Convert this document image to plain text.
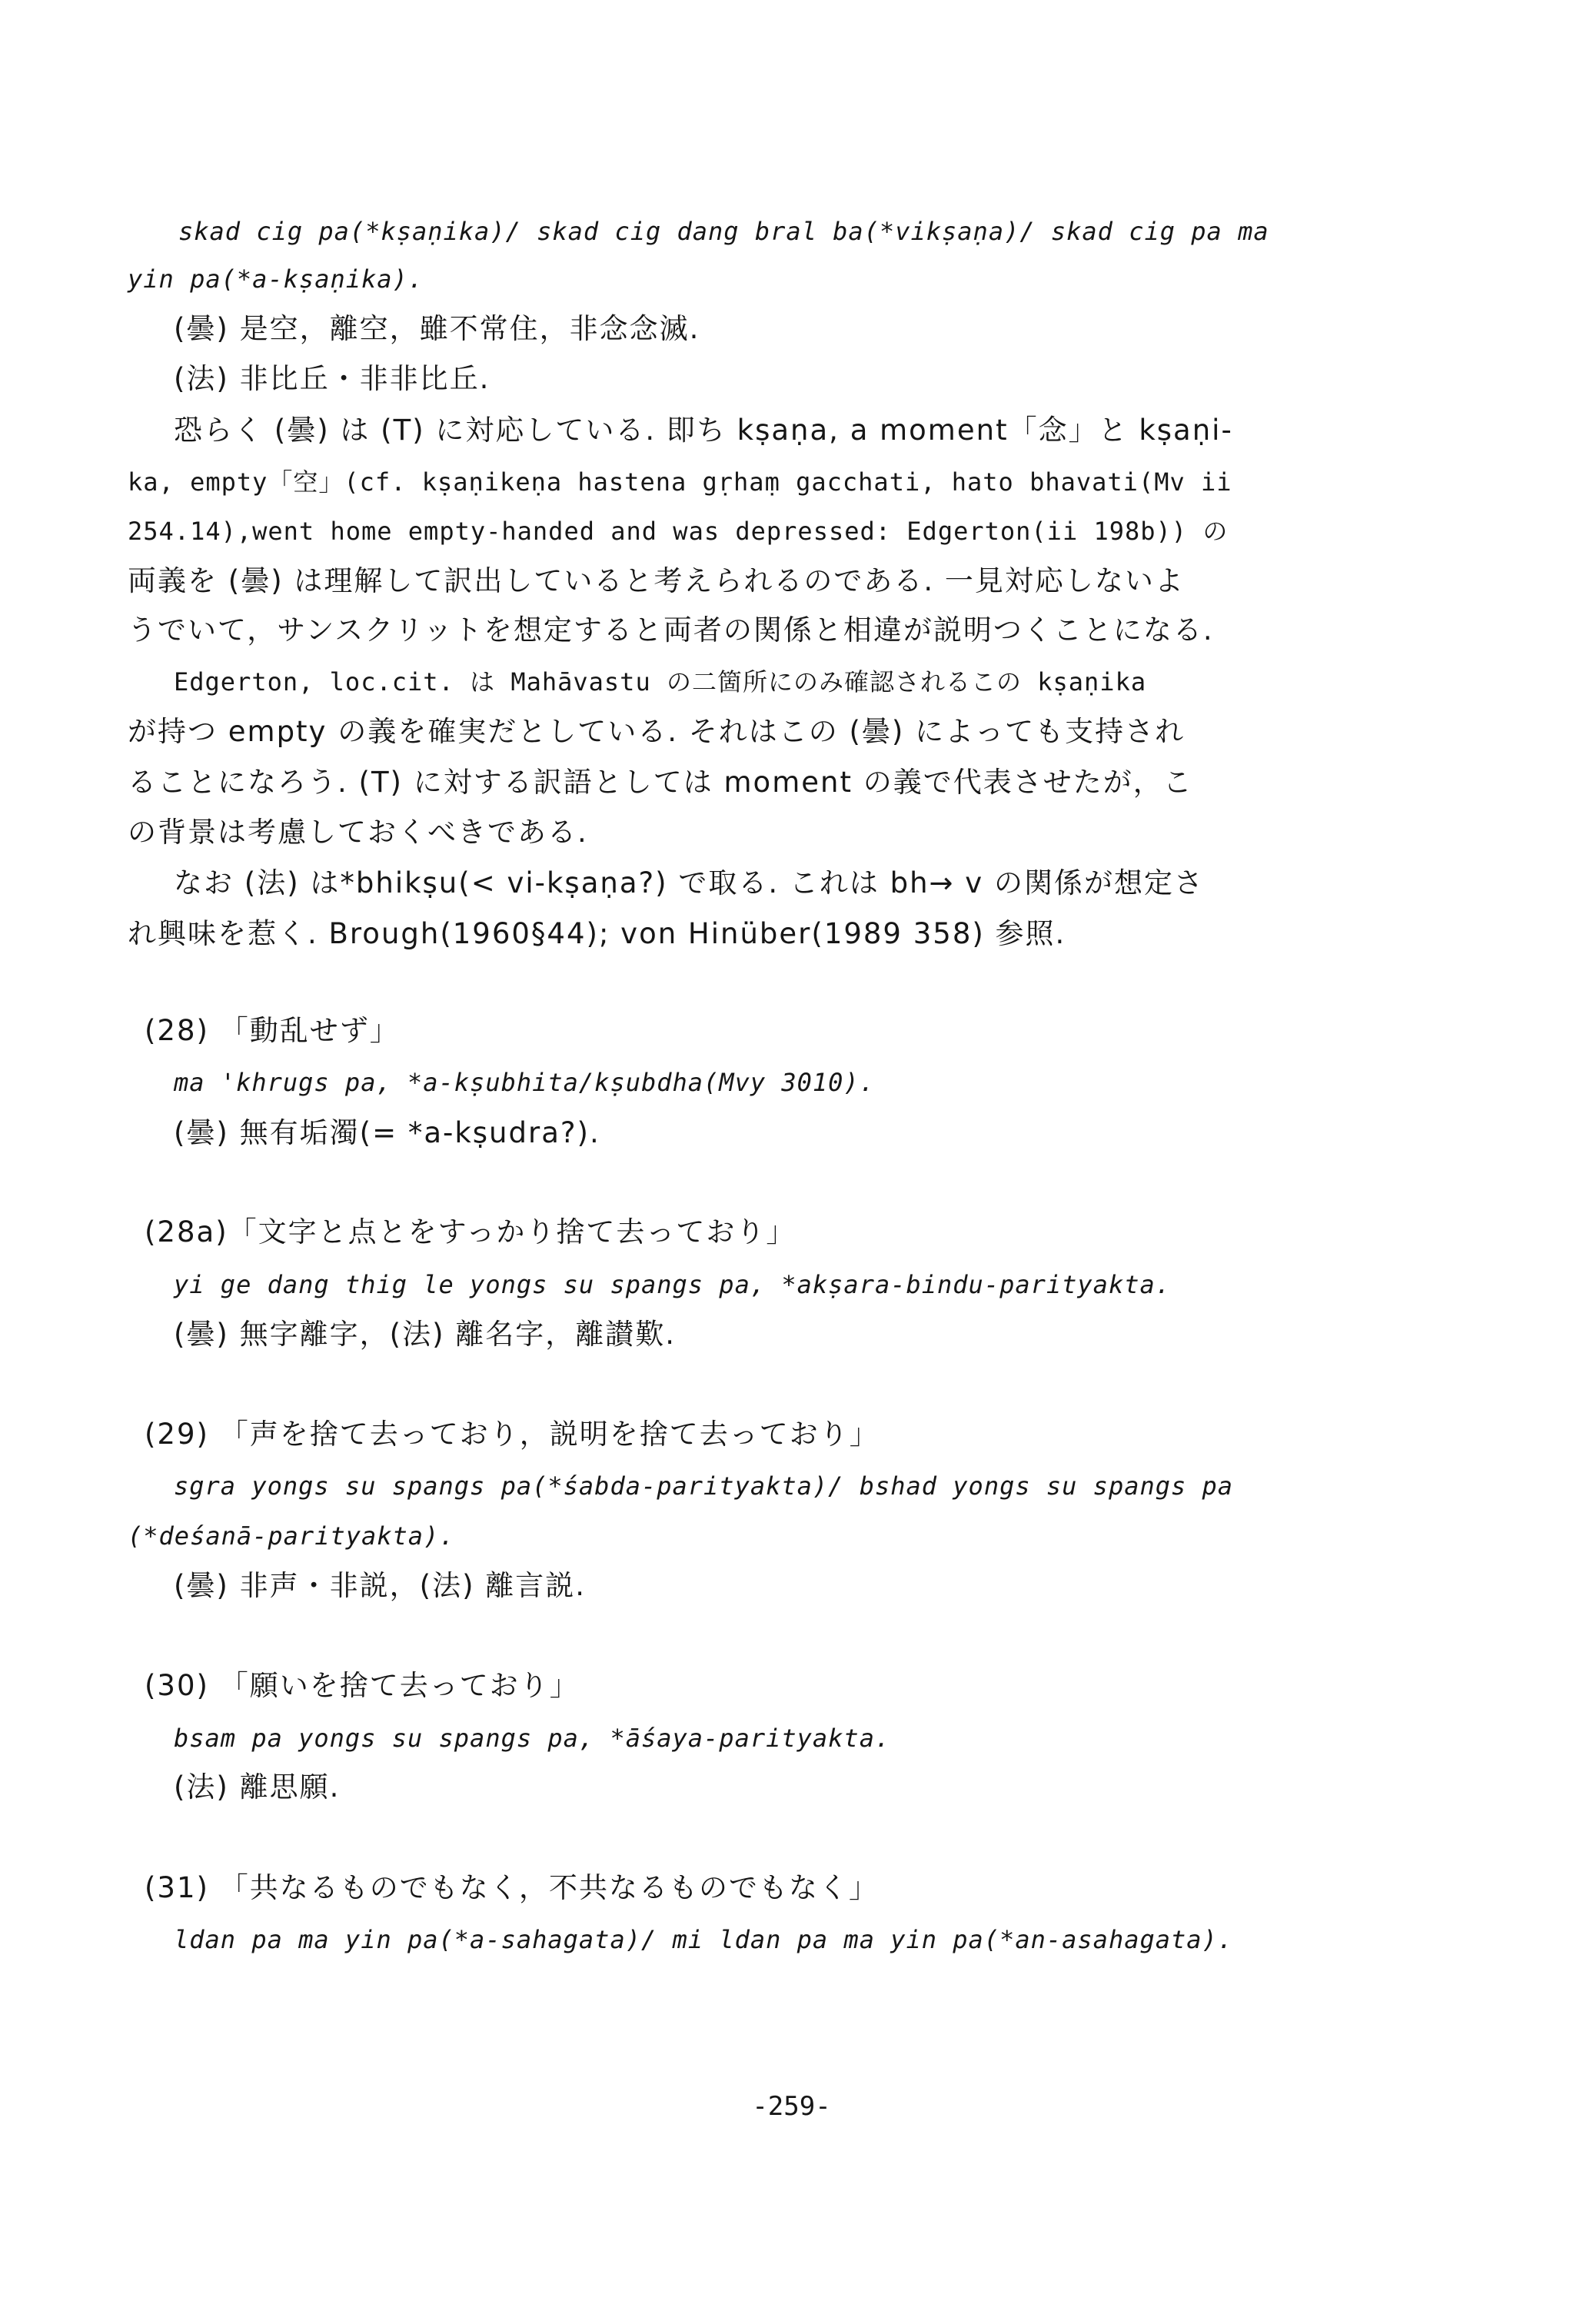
skad cig pa(*kṣaṇika)/ skad cig dang bral ba(*vikṣaṇa)/ skad cig pa ma
yin pa(*a-kṣaṇika).
(曇) 是空，離空，雖不常住，非念念滅.
(法) 非比丘・非非比丘.
恐らく (曇) は (T) に対応している. 即ち kṣaṇa, a moment「念」と kṣaṇi-
ka, empty「空」(cf. kṣaṇikeṇa hastena gṛhaṃ gacchati, hato bhavati(Mv ii
254.14),went home empty-handed and was depressed: Edgerton(ii 198b)) の
両義を (曇) は理解して訳出していると考えられるのである. 一見対応しないよ
うでいて，サンスクリットを想定すると両者の関係と相違が説明つくことになる.
Edgerton, loc.cit. は Mahāvastu の二箇所にのみ確認されるこの kṣaṇika
が持つ empty の義を確実だとしている. それはこの (曇) によっても支持され
ることになろう. (T) に対する訳語としては moment の義で代表させたが，こ
の背景は考慮しておくべきである.
なお (法) は*bhikṣu(< vi-kṣaṇa?) で取る. これは bh→ v の関係が想定さ
れ興味を惹く. Brough(1960§44); von Hinüber(1989 358) 参照.
(28) 「動乱せず」
ma 'khrugs pa, *a-kṣubhita/kṣubdha(Mvy 3010).
(曇) 無有垢濁(= *a-kṣudra?).
(28a)「文字と点とをすっかり捨て去っており」
yi ge dang thig le yongs su spangs pa, *akṣara-bindu-parityakta.
(曇) 無字離字，(法) 離名字，離讃歎.
(29) 「声を捨て去っており，説明を捨て去っており」
sgra yongs su spangs pa(*śabda-parityakta)/ bshad yongs su spangs pa
(*deśanā-parityakta).
(曇) 非声・非説，(法) 離言説.
(30) 「願いを捨て去っており」
bsam pa yongs su spangs pa, *āśaya-parityakta.
(法) 離思願.
(31) 「共なるものでもなく，不共なるものでもなく」
ldan pa ma yin pa(*a-sahagata)/ mi ldan pa ma yin pa(*an-asahagata).
-259-
